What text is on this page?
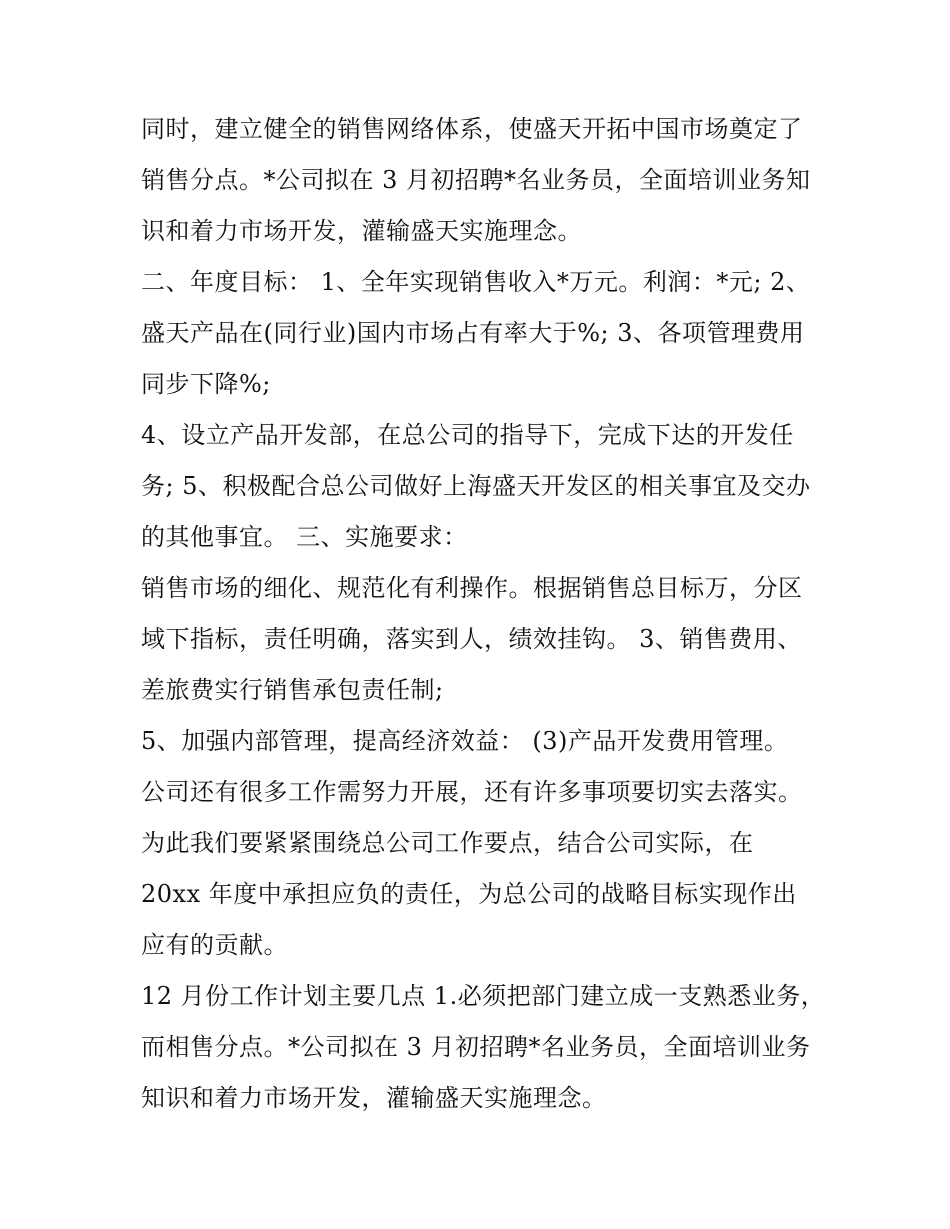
同时，建立健全的销售网络体系，使盛天开拓中国市场奠定了
销售分点。*公司拟在 3 月初招聘*名业务员，全面培训业务知
识和着力市场开发，灌输盛天实施理念。
二、年度目标： 1、全年实现销售收入*万元。利润：*元; 2、
盛天产品在(同行业)国内市场占有率大于%; 3、各项管理费用
同步下降%;
4、设立产品开发部，在总公司的指导下，完成下达的开发任
务; 5、积极配合总公司做好上海盛天开发区的相关事宜及交办
的其他事宜。 三、实施要求：
销售市场的细化、规范化有利操作。根据销售总目标万，分区
域下指标，责任明确，落实到人，绩效挂钩。 3、销售费用、
差旅费实行销售承包责任制;
5、加强内部管理，提高经济效益： (3)产品开发费用管理。
公司还有很多工作需努力开展，还有许多事项要切实去落实。
为此我们要紧紧围绕总公司工作要点，结合公司实际，在
20xx 年度中承担应负的责任，为总公司的战略目标实现作出
应有的贡献。
12 月份工作计划主要几点 1.必须把部门建立成一支熟悉业务，
而相售分点。*公司拟在 3 月初招聘*名业务员，全面培训业务
知识和着力市场开发，灌输盛天实施理念。
